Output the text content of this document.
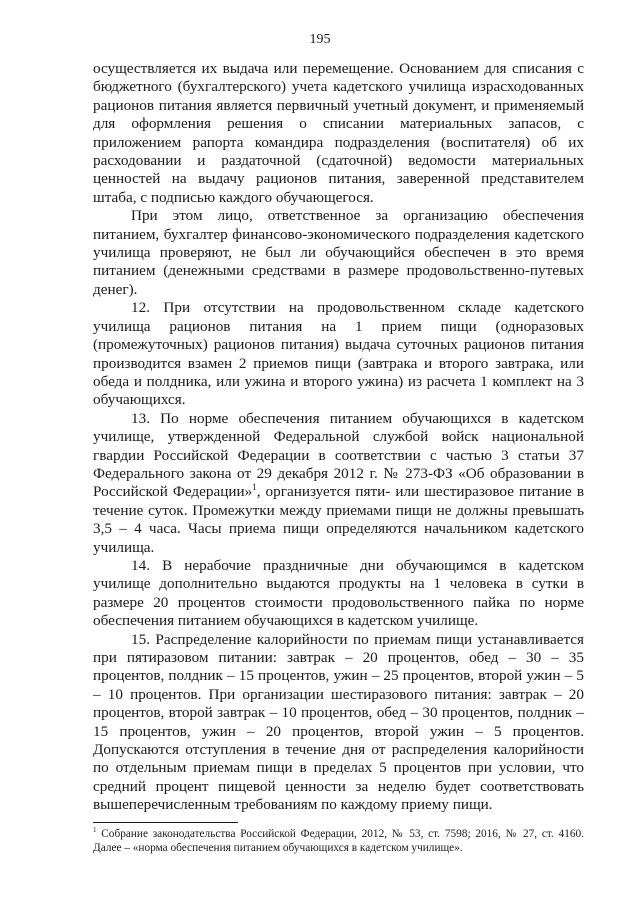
195

осуществляется их выдача или перемещение. Основанием для списания с бюджетного (бухгалтерского) учета кадетского училища израсходованных рационов питания является первичный учетный документ, и применяемый для оформления решения о списании материальных запасов, с приложением рапорта командира подразделения (воспитателя) об их расходовании и раздаточной (сдаточной) ведомости материальных ценностей на выдачу рационов питания, заверенной представителем штаба, с подписью каждого обучающегося.

При этом лицо, ответственное за организацию обеспечения питанием, бухгалтер финансово-экономического подразделения кадетского училища проверяют, не был ли обучающийся обеспечен в это время питанием (денежными средствами в размере продовольственно-путевых денег).

12. При отсутствии на продовольственном складе кадетского училища рационов питания на 1 прием пищи (одноразовых (промежуточных) рационов питания) выдача суточных рационов питания производится взамен 2 приемов пищи (завтрака и второго завтрака, или обеда и полдника, или ужина и второго ужина) из расчета 1 комплект на 3 обучающихся.

13. По норме обеспечения питанием обучающихся в кадетском училище, утвержденной Федеральной службой войск национальной гвардии Российской Федерации в соответствии с частью 3 статьи 37 Федерального закона от 29 декабря 2012 г. № 273-ФЗ «Об образовании в Российской Федерации»$^1$, организуется пяти- или шестиразовое питание в течение суток. Промежутки между приемами пищи не должны превышать 3,5 – 4 часа. Часы приема пищи определяются начальником кадетского училища.

14. В нерабочие праздничные дни обучающимся в кадетском училище дополнительно выдаются продукты на 1 человека в сутки в размере 20 процентов стоимости продовольственного пайка по норме обеспечения питанием обучающихся в кадетском училище.

15. Распределение калорийности по приемам пищи устанавливается при пятиразовом питании: завтрак – 20 процентов, обед – 30 – 35 процентов, полдник – 15 процентов, ужин – 25 процентов, второй ужин – 5 – 10 процентов. При организации шестиразового питания: завтрак – 20 процентов, второй завтрак – 10 процентов, обед – 30 процентов, полдник – 15 процентов, ужин – 20 процентов, второй ужин – 5 процентов. Допускаются отступления в течение дня от распределения калорийности по отдельным приемам пищи в пределах 5 процентов при условии, что средний процент пищевой ценности за неделю будет соответствовать вышеперечисленным требованиям по каждому приему пищи.

$^1$ Собрание законодательства Российской Федерации, 2012, № 53, ст. 7598; 2016, № 27, ст. 4160. Далее – «норма обеспечения питанием обучающихся в кадетском училище».
